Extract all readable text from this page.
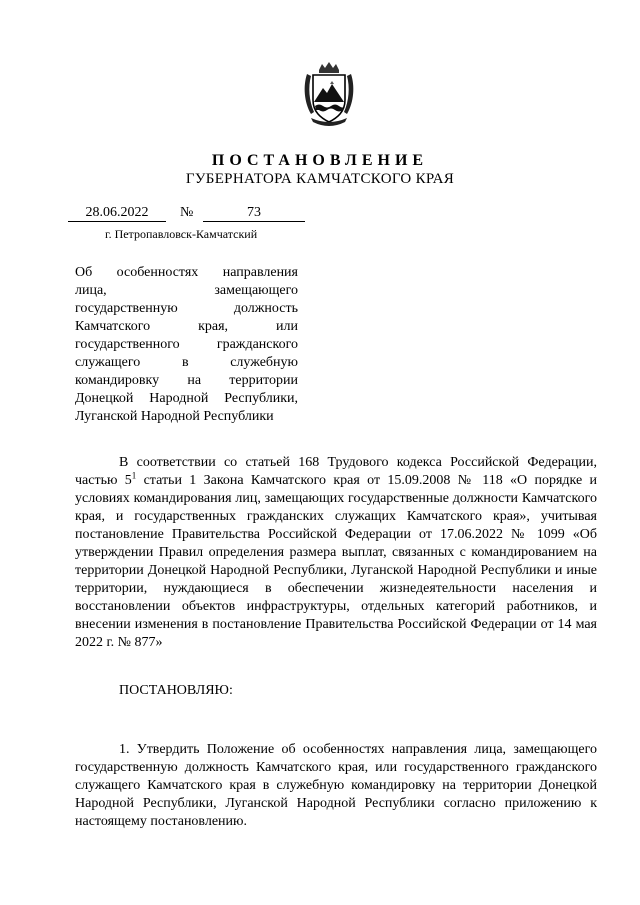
ПОСТАНОВЛЕНИЕ
ГУБЕРНАТОРА КАМЧАТСКОГО КРАЯ
28.06.2022	№	73
г. Петропавловск-Камчатский
Об особенностях направления
лица, замещающего
государственную должность
Камчатского края, или
государственного гражданского
служащего в служебную
командировку на территории
Донецкой Народной Республики,
Луганской Народной Республики
В соответствии со статьей 168 Трудового кодекса Российской Федерации, частью $5^1$ статьи 1 Закона Камчатского края от 15.09.2008 № 118 «О порядке и условиях командирования лиц, замещающих государственные должности Камчатского края, и государственных гражданских служащих Камчатского края», учитывая постановление Правительства Российской Федерации от 17.06.2022 № 1099 «Об утверждении Правил определения размера выплат, связанных с командированием на территории Донецкой Народной Республики, Луганской Народной Республики и иные территории, нуждающиеся в обеспечении жизнедеятельности населения и восстановлении объектов инфраструктуры, отдельных категорий работников, и внесении изменения в постановление Правительства Российской Федерации от 14 мая 2022 г. № 877»
ПОСТАНОВЛЯЮ:
1. Утвердить Положение об особенностях направления лица, замещающего государственную должность Камчатского края, или государственного гражданского служащего Камчатского края в служебную командировку на территории Донецкой Народной Республики, Луганской Народной Республики согласно приложению к настоящему постановлению.
